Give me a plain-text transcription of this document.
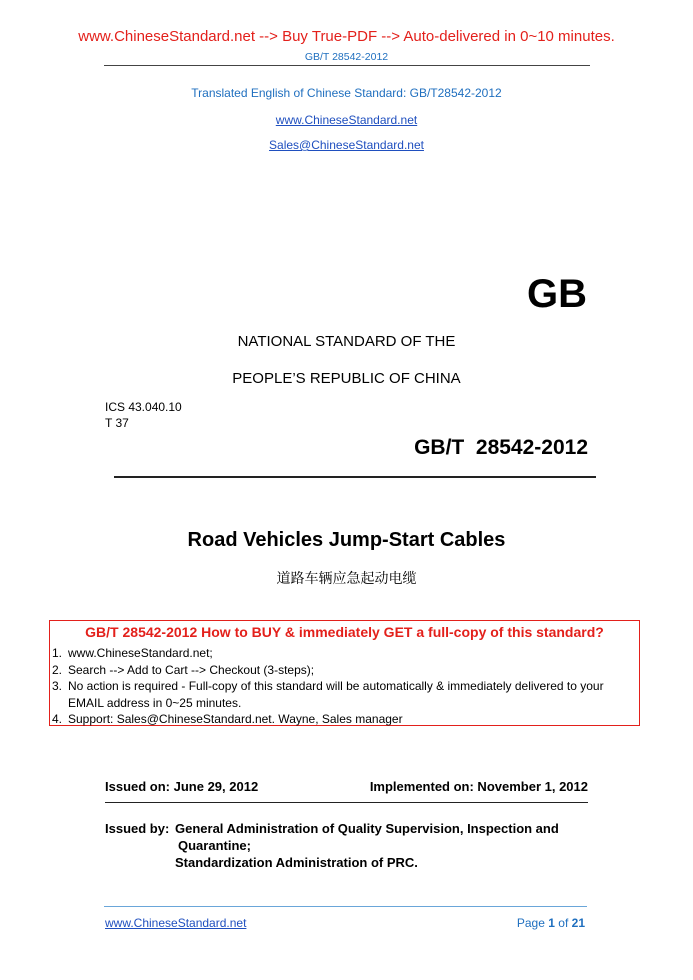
www.ChineseStandard.net --> Buy True-PDF --> Auto-delivered in 0~10 minutes.
GB/T 28542-2012
Translated English of Chinese Standard: GB/T28542-2012
www.ChineseStandard.net
Sales@ChineseStandard.net
GB
NATIONAL STANDARD OF THE
PEOPLE’S REPUBLIC OF CHINA
ICS 43.040.10
T 37
GB/T  28542-2012
Road Vehicles Jump-Start Cables
道路车辆应急起动电缆
GB/T 28542-2012 How to BUY & immediately GET a full-copy of this standard?
1. www.ChineseStandard.net;
2. Search --> Add to Cart --> Checkout (3-steps);
3. No action is required - Full-copy of this standard will be automatically & immediately delivered to your EMAIL address in 0~25 minutes.
4. Support: Sales@ChineseStandard.net. Wayne, Sales manager
Issued on: June 29, 2012	Implemented on: November 1, 2012
Issued by: General Administration of Quality Supervision, Inspection and
Quarantine;
Standardization Administration of PRC.
www.ChineseStandard.net	Page 1 of 21
